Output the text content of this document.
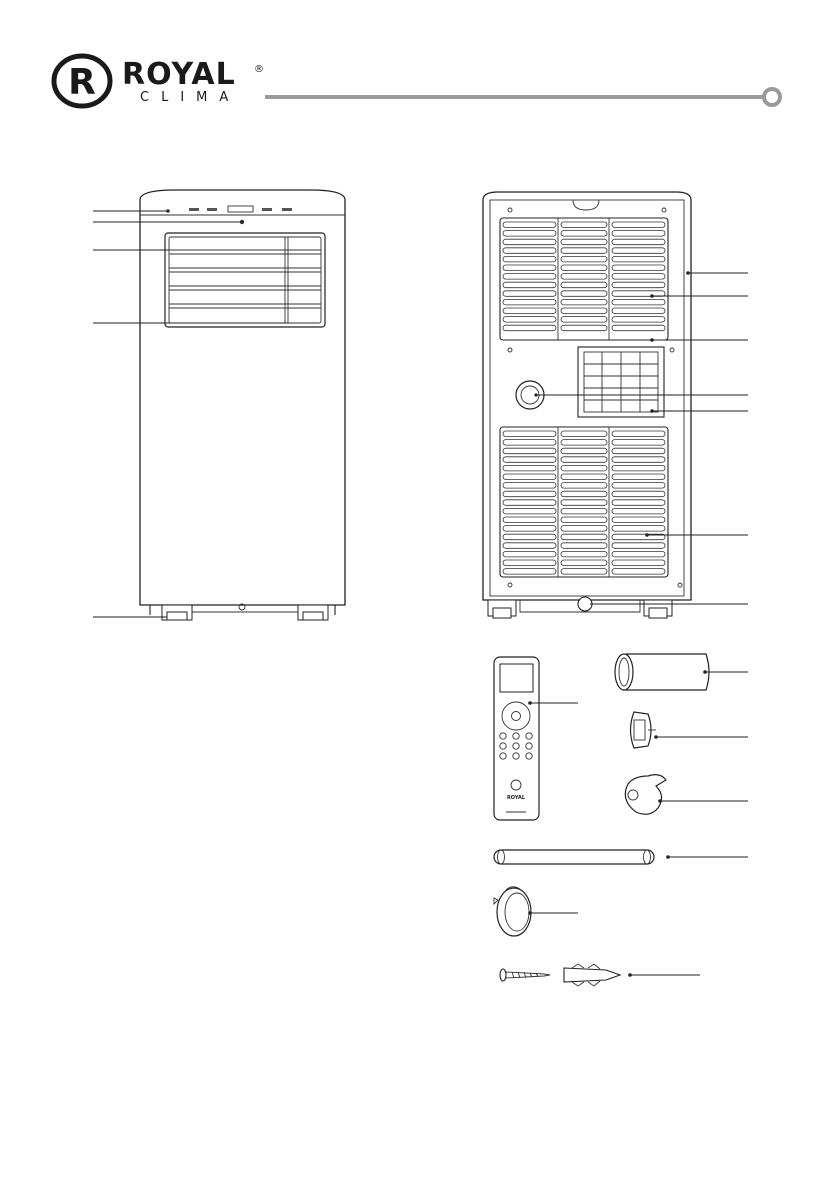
R ROYAL ®
CLIMA
ROYAL
